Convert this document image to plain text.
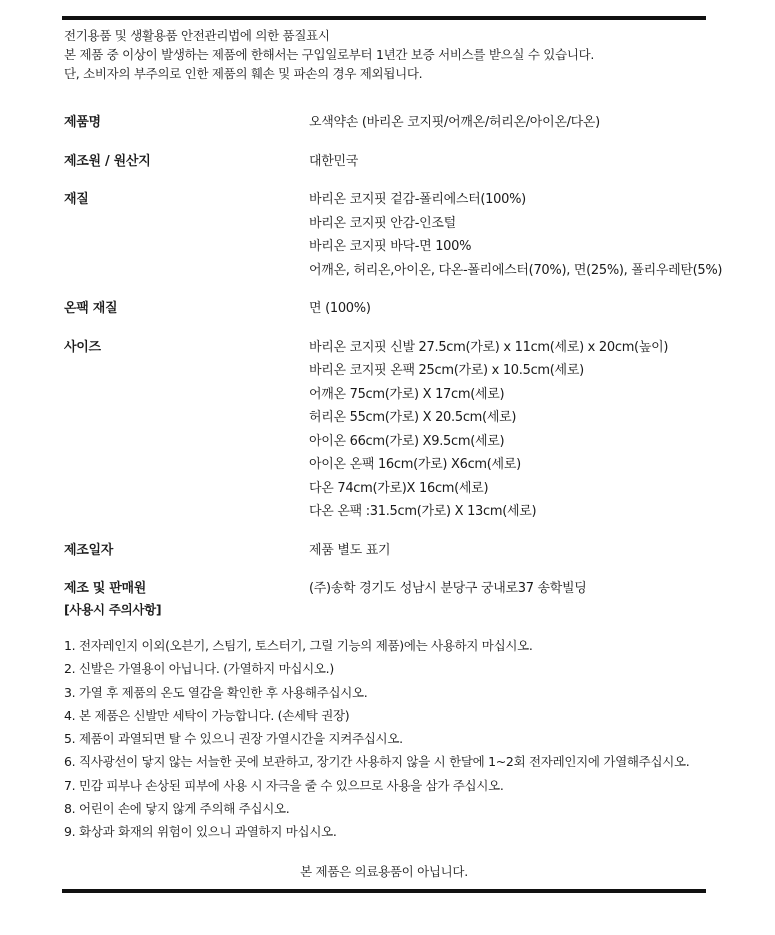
전기용품 및 생활용품 안전관리법에 의한 품질표시
본 제품 중 이상이 발생하는 제품에 한해서는 구입일로부터 1년간 보증 서비스를 받으실 수 있습니다.
단, 소비자의 부주의로 인한 제품의 훼손 및 파손의 경우 제외됩니다.
제품명	오색약손 (바리온 코지핏/어깨온/허리온/아이온/다온)
제조원 / 원산지	대한민국
재질	바리온 코지핏 겉감-폴리에스터(100%)
바리온 코지핏 안감-인조털
바리온 코지핏 바닥-면 100%
어깨온, 허리온,아이온, 다온-폴리에스터(70%), 면(25%), 폴리우레탄(5%)
온팩 재질	면 (100%)
사이즈	바리온 코지핏 신발 27.5cm(가로) x 11cm(세로) x 20cm(높이)
바리온 코지핏 온팩 25cm(가로) x 10.5cm(세로)
어깨온 75cm(가로) X 17cm(세로)
허리온 55cm(가로) X 20.5cm(세로)
아이온 66cm(가로) X9.5cm(세로)
아이온 온팩 16cm(가로) X6cm(세로)
다온 74cm(가로)X 16cm(세로)
다온 온팩 :31.5cm(가로) X 13cm(세로)
제조일자	제품 별도 표기
제조 및 판매원	(주)송학 경기도 성남시 분당구 궁내로37 송학빌딩
[사용시 주의사항]
1. 전자레인지 이외(오븐기, 스팀기, 토스터기, 그릴 기능의 제품)에는 사용하지 마십시오.
2. 신발은 가열용이 아닙니다. (가열하지 마십시오.)
3. 가열 후 제품의 온도 열감을 확인한 후 사용해주십시오.
4. 본 제품은 신발만 세탁이 가능합니다. (손세탁 권장)
5. 제품이 과열되면 탈 수 있으니 권장 가열시간을 지켜주십시오.
6. 직사광선이 닿지 않는 서늘한 곳에 보관하고, 장기간 사용하지 않을 시 한달에 1~2회 전자레인지에 가열해주십시오.
7. 민감 피부나 손상된 피부에 사용 시 자극을 줄 수 있으므로 사용을 삼가 주십시오.
8. 어린이 손에 닿지 않게 주의해 주십시오.
9. 화상과 화재의 위험이 있으니 과열하지 마십시오.
본 제품은 의료용품이 아닙니다.
